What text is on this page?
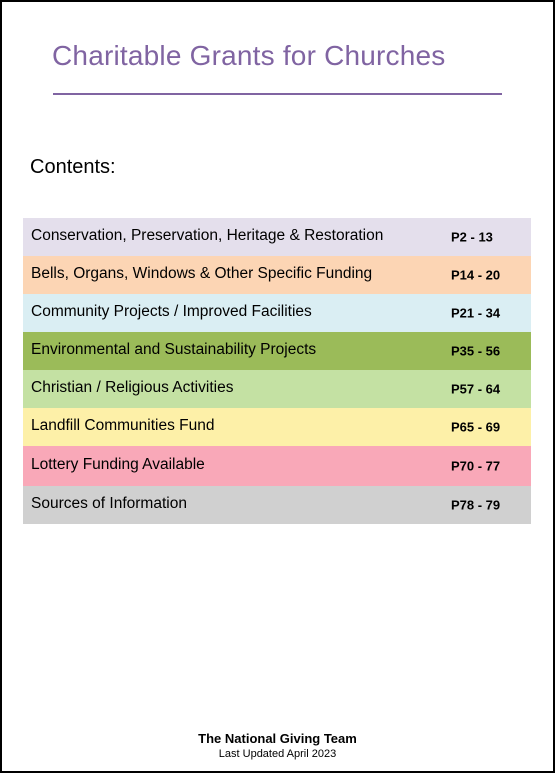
Charitable Grants for Churches
Contents:
Conservation, Preservation, Heritage & Restoration	P2 - 13
Bells, Organs, Windows & Other Specific Funding	P14 - 20
Community Projects / Improved Facilities	P21 - 34
Environmental and Sustainability Projects	P35 - 56
Christian / Religious Activities	P57 - 64
Landfill Communities Fund	P65 - 69
Lottery Funding Available	P70 - 77
Sources of Information	P78 - 79
The National Giving Team
Last Updated April 2023
